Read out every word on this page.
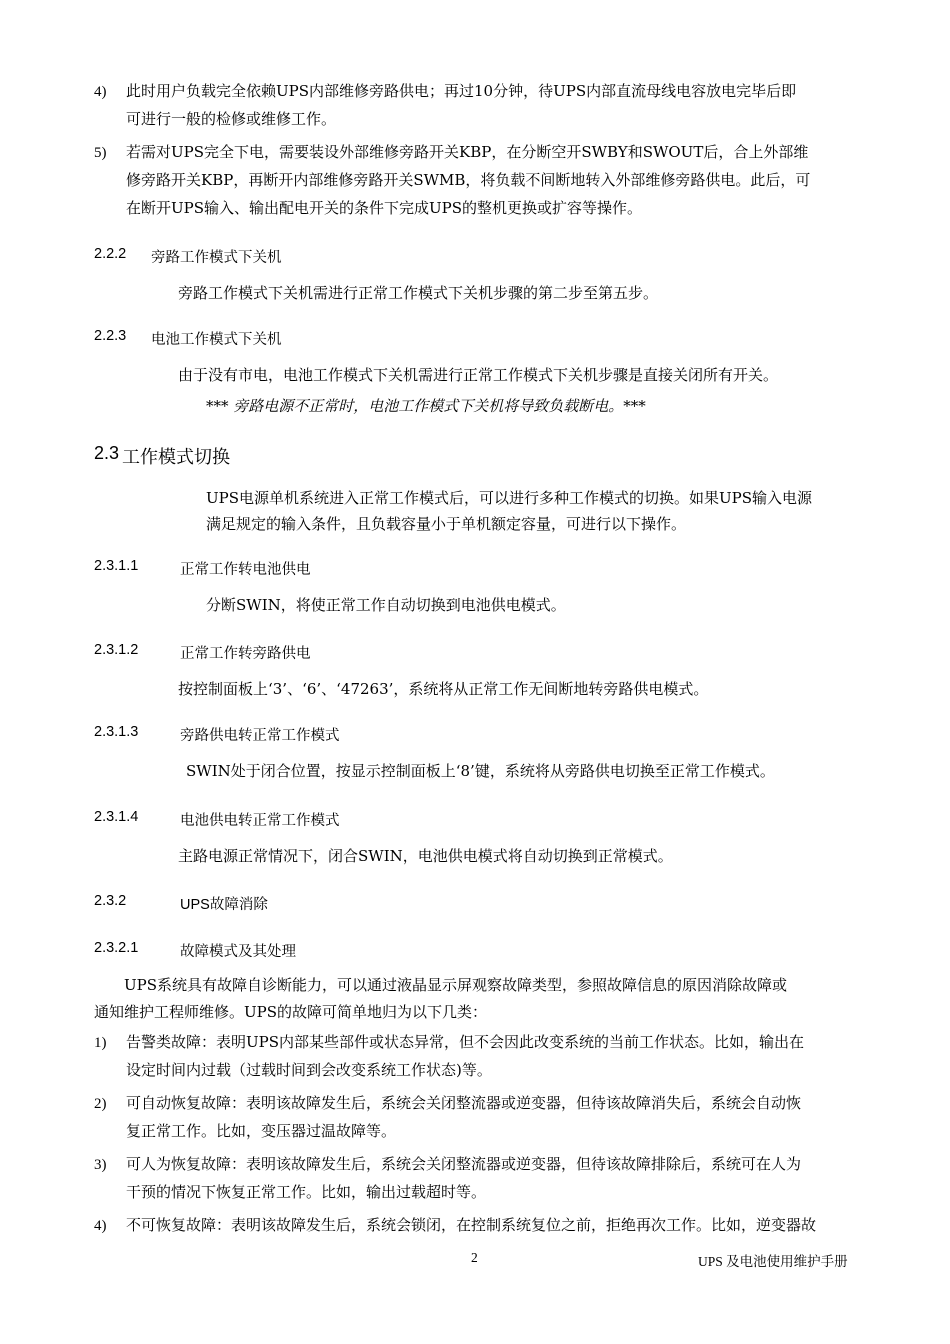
4) 此时用户负载完全依赖UPS内部维修旁路供电；再过10分钟，待UPS内部直流母线电容放电完毕后即
可进行一般的检修或维修工作。
5) 若需对UPS完全下电，需要装设外部维修旁路开关KBP，在分断空开SWBY和SWOUT后，合上外部维
修旁路开关KBP，再断开内部维修旁路开关SWMB，将负载不间断地转入外部维修旁路供电。此后，可
在断开UPS输入、输出配电开关的条件下完成UPS的整机更换或扩容等操作。
2.2.2 旁路工作模式下关机
旁路工作模式下关机需进行正常工作模式下关机步骤的第二步至第五步。
2.2.3 电池工作模式下关机
由于没有市电，电池工作模式下关机需进行正常工作模式下关机步骤是直接关闭所有开关。
*** 旁路电源不正常时，电池工作模式下关机将导致负载断电。***
2.3 工作模式切换
UPS电源单机系统进入正常工作模式后，可以进行多种工作模式的切换。如果UPS输入电源
满足规定的输入条件，且负载容量小于单机额定容量，可进行以下操作。
2.3.1.1	正常工作转电池供电
分断SWIN，将使正常工作自动切换到电池供电模式。
2.3.1.2	正常工作转旁路供电
按控制面板上‘3’、‘6’、‘47263’，系统将从正常工作无间断地转旁路供电模式。
2.3.1.3	旁路供电转正常工作模式
SWIN处于闭合位置，按显示控制面板上‘8’键，系统将从旁路供电切换至正常工作模式。
2.3.1.4	电池供电转正常工作模式
主路电源正常情况下，闭合SWIN，电池供电模式将自动切换到正常模式。
2.3.2	UPS故障消除
2.3.2.1	故障模式及其处理
UPS系统具有故障自诊断能力，可以通过液晶显示屏观察故障类型，参照故障信息的原因消除故障或
通知维护工程师维修。UPS的故障可简单地归为以下几类：
1) 告警类故障：表明UPS内部某些部件或状态异常，但不会因此改变系统的当前工作状态。比如，输出在
设定时间内过载（过载时间到会改变系统工作状态)等。
2) 可自动恢复故障：表明该故障发生后，系统会关闭整流器或逆变器，但待该故障消失后，系统会自动恢
复正常工作。比如，变压器过温故障等。
3) 可人为恢复故障：表明该故障发生后，系统会关闭整流器或逆变器，但待该故障排除后，系统可在人为
干预的情况下恢复正常工作。比如，输出过载超时等。
4) 不可恢复故障：表明该故障发生后，系统会锁闭，在控制系统复位之前，拒绝再次工作。比如，逆变器故
2	UPS 及电池使用维护手册
